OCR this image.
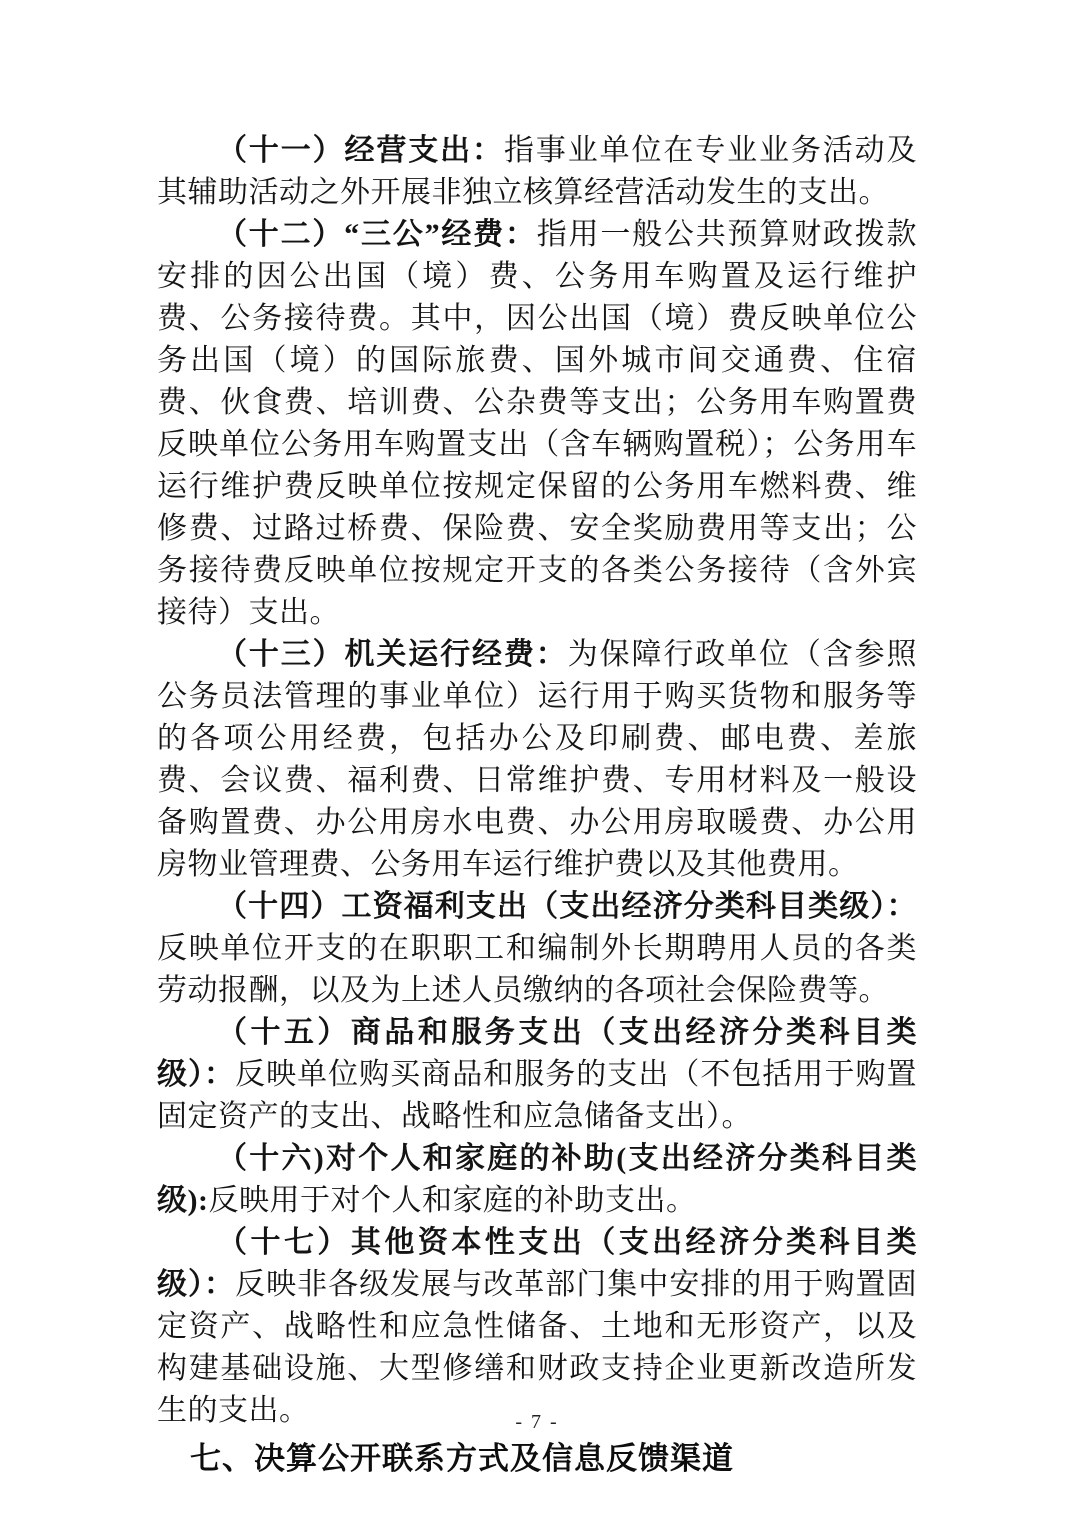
（十一）经营支出：指事业单位在专业业务活动及其辅助活动之外开展非独立核算经营活动发生的支出。

（十二）“三公”经费：指用一般公共预算财政拨款安排的因公出国（境）费、公务用车购置及运行维护费、公务接待费。其中，因公出国（境）费反映单位公务出国（境）的国际旅费、国外城市间交通费、住宿费、伙食费、培训费、公杂费等支出；公务用车购置费反映单位公务用车购置支出（含车辆购置税）；公务用车运行维护费反映单位按规定保留的公务用车燃料费、维修费、过路过桥费、保险费、安全奖励费用等支出；公务接待费反映单位按规定开支的各类公务接待（含外宾接待）支出。

（十三）机关运行经费：为保障行政单位（含参照公务员法管理的事业单位）运行用于购买货物和服务等的各项公用经费，包括办公及印刷费、邮电费、差旅费、会议费、福利费、日常维护费、专用材料及一般设备购置费、办公用房水电费、办公用房取暖费、办公用房物业管理费、公务用车运行维护费以及其他费用。

（十四）工资福利支出（支出经济分类科目类级）：反映单位开支的在职职工和编制外长期聘用人员的各类劳动报酬，以及为上述人员缴纳的各项社会保险费等。

（十五）商品和服务支出（支出经济分类科目类级）：反映单位购买商品和服务的支出（不包括用于购置固定资产的支出、战略性和应急储备支出）。

（十六)对个人和家庭的补助(支出经济分类科目类级):反映用于对个人和家庭的补助支出。

（十七）其他资本性支出（支出经济分类科目类级）：反映非各级发展与改革部门集中安排的用于购置固定资产、战略性和应急性储备、土地和无形资产，以及构建基础设施、大型修缮和财政支持企业更新改造所发生的支出。

七、决算公开联系方式及信息反馈渠道
- 7 -
